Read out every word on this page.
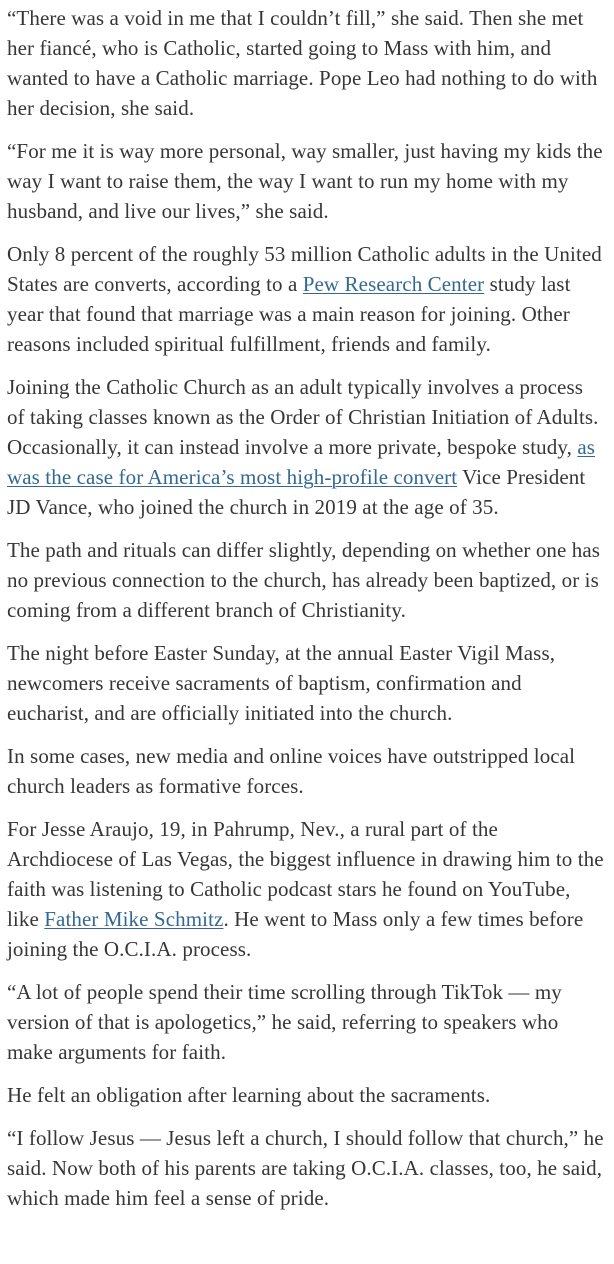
“There was a void in me that I couldn’t fill,” she said. Then she met her fiancé, who is Catholic, started going to Mass with him, and wanted to have a Catholic marriage. Pope Leo had nothing to do with her decision, she said.

“For me it is way more personal, way smaller, just having my kids the way I want to raise them, the way I want to run my home with my husband, and live our lives,” she said.

Only 8 percent of the roughly 53 million Catholic adults in the United States are converts, according to a Pew Research Center study last year that found that marriage was a main reason for joining. Other reasons included spiritual fulfillment, friends and family.

Joining the Catholic Church as an adult typically involves a process of taking classes known as the Order of Christian Initiation of Adults. Occasionally, it can instead involve a more private, bespoke study, as was the case for America’s most high-profile convert Vice President JD Vance, who joined the church in 2019 at the age of 35.

The path and rituals can differ slightly, depending on whether one has no previous connection to the church, has already been baptized, or is coming from a different branch of Christianity.

The night before Easter Sunday, at the annual Easter Vigil Mass, newcomers receive sacraments of baptism, confirmation and eucharist, and are officially initiated into the church.

In some cases, new media and online voices have outstripped local church leaders as formative forces.

For Jesse Araujo, 19, in Pahrump, Nev., a rural part of the Archdiocese of Las Vegas, the biggest influence in drawing him to the faith was listening to Catholic podcast stars he found on YouTube, like Father Mike Schmitz. He went to Mass only a few times before joining the O.C.I.A. process.

“A lot of people spend their time scrolling through TikTok — my version of that is apologetics,” he said, referring to speakers who make arguments for faith.

He felt an obligation after learning about the sacraments.

“I follow Jesus — Jesus left a church, I should follow that church,” he said. Now both of his parents are taking O.C.I.A. classes, too, he said, which made him feel a sense of pride.
